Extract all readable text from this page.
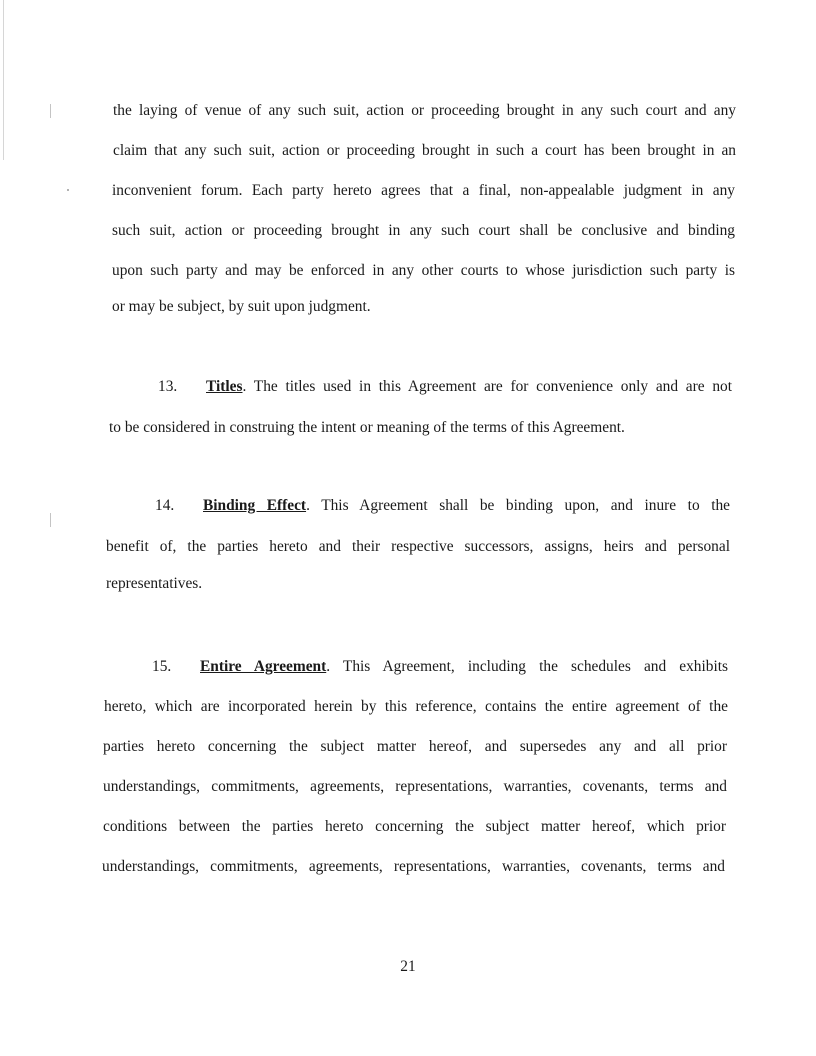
the laying of venue of any such suit, action or proceeding brought in any such court and any
claim that any such suit, action or proceeding brought in such a court has been brought in an
inconvenient forum. Each party hereto agrees that a final, non-appealable judgment in any
such suit, action or proceeding brought in any such court shall be conclusive and binding
upon such party and may be enforced in any other courts to whose jurisdiction such party is
or may be subject, by suit upon judgment.
13. Titles. The titles used in this Agreement are for convenience only and are not
to be considered in construing the intent or meaning of the terms of this Agreement.
14. Binding Effect. This Agreement shall be binding upon, and inure to the
benefit of, the parties hereto and their respective successors, assigns, heirs and personal
representatives.
15. Entire Agreement. This Agreement, including the schedules and exhibits
hereto, which are incorporated herein by this reference, contains the entire agreement of the
parties hereto concerning the subject matter hereof, and supersedes any and all prior
understandings, commitments, agreements, representations, warranties, covenants, terms and
conditions between the parties hereto concerning the subject matter hereof, which prior
understandings, commitments, agreements, representations, warranties, covenants, terms and
21
